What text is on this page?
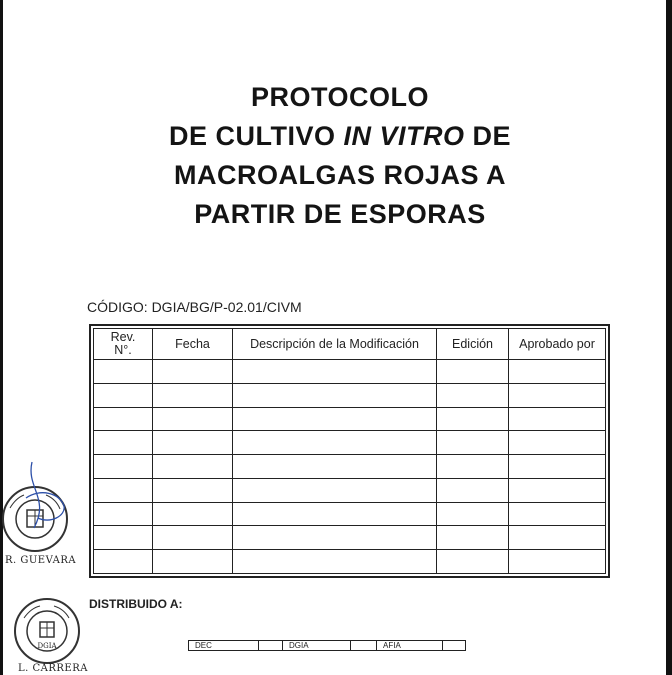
PROTOCOLO
DE CULTIVO IN VITRO DE
MACROALGAS ROJAS A
PARTIR DE ESPORAS
CÓDIGO: DGIA/BG/P-02.01/CIVM
Rev.
N°.	Fecha	Descripción de la Modificación	Edición	Aprobado por

R. GUEVARA
DGIA
L. CARRERA
DISTRIBUIDO A:
DEC	DGIA	AFIA
